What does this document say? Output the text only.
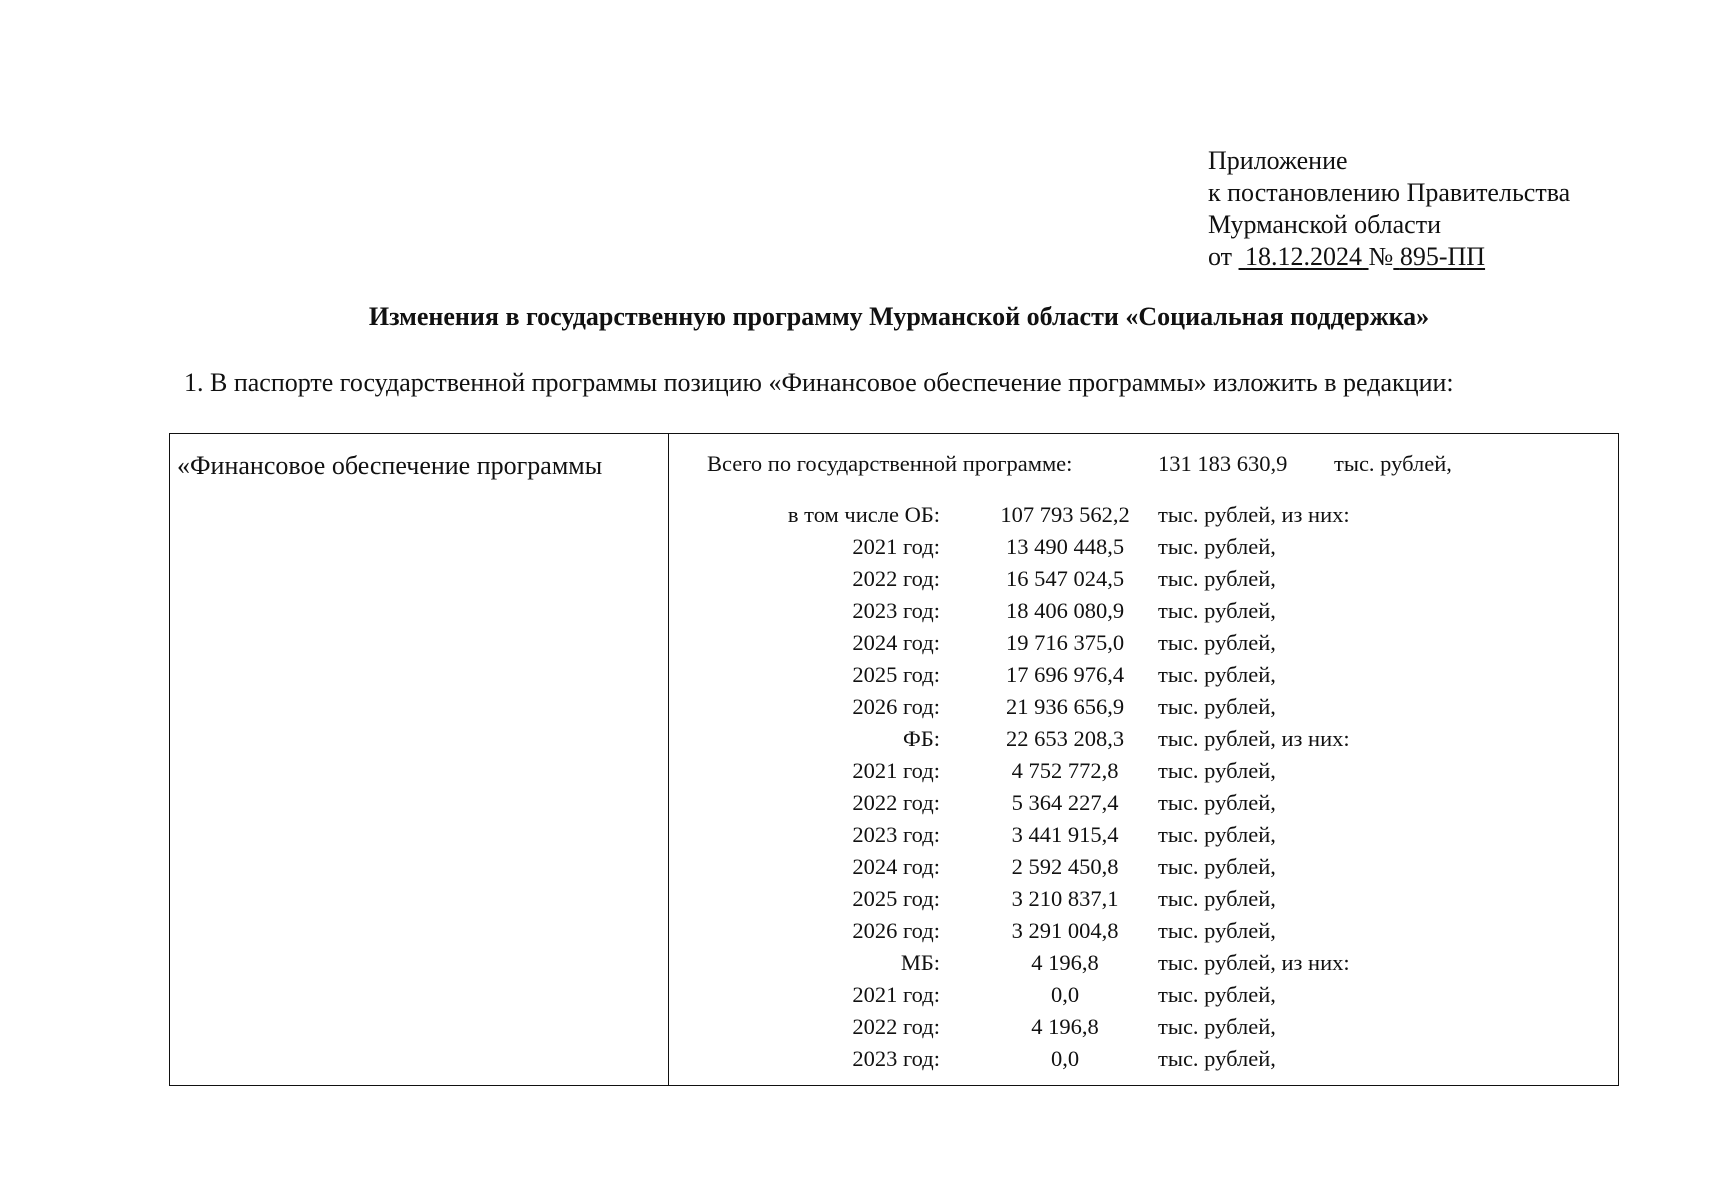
Приложение
к постановлению Правительства
Мурманской области
от 18.12.2024 № 895-ПП
Изменения в государственную программу Мурманской области «Социальная поддержка»
1. В паспорте государственной программы позицию «Финансовое обеспечение программы» изложить в редакции:
«Финансовое обеспечение программы	Всего по государственной программе:	131 183 630,9 тыс. рублей,
в том числе ОБ:	107 793 562,2	тыс. рублей, из них:
2021 год:	13 490 448,5	тыс. рублей,
2022 год:	16 547 024,5	тыс. рублей,
2023 год:	18 406 080,9	тыс. рублей,
2024 год:	19 716 375,0	тыс. рублей,
2025 год:	17 696 976,4	тыс. рублей,
2026 год:	21 936 656,9	тыс. рублей,
ФБ:	22 653 208,3	тыс. рублей, из них:
2021 год:	4 752 772,8	тыс. рублей,
2022 год:	5 364 227,4	тыс. рублей,
2023 год:	3 441 915,4	тыс. рублей,
2024 год:	2 592 450,8	тыс. рублей,
2025 год:	3 210 837,1	тыс. рублей,
2026 год:	3 291 004,8	тыс. рублей,
МБ:	4 196,8	тыс. рублей, из них:
2021 год:	0,0	тыс. рублей,
2022 год:	4 196,8	тыс. рублей,
2023 год:	0,0	тыс. рублей,
